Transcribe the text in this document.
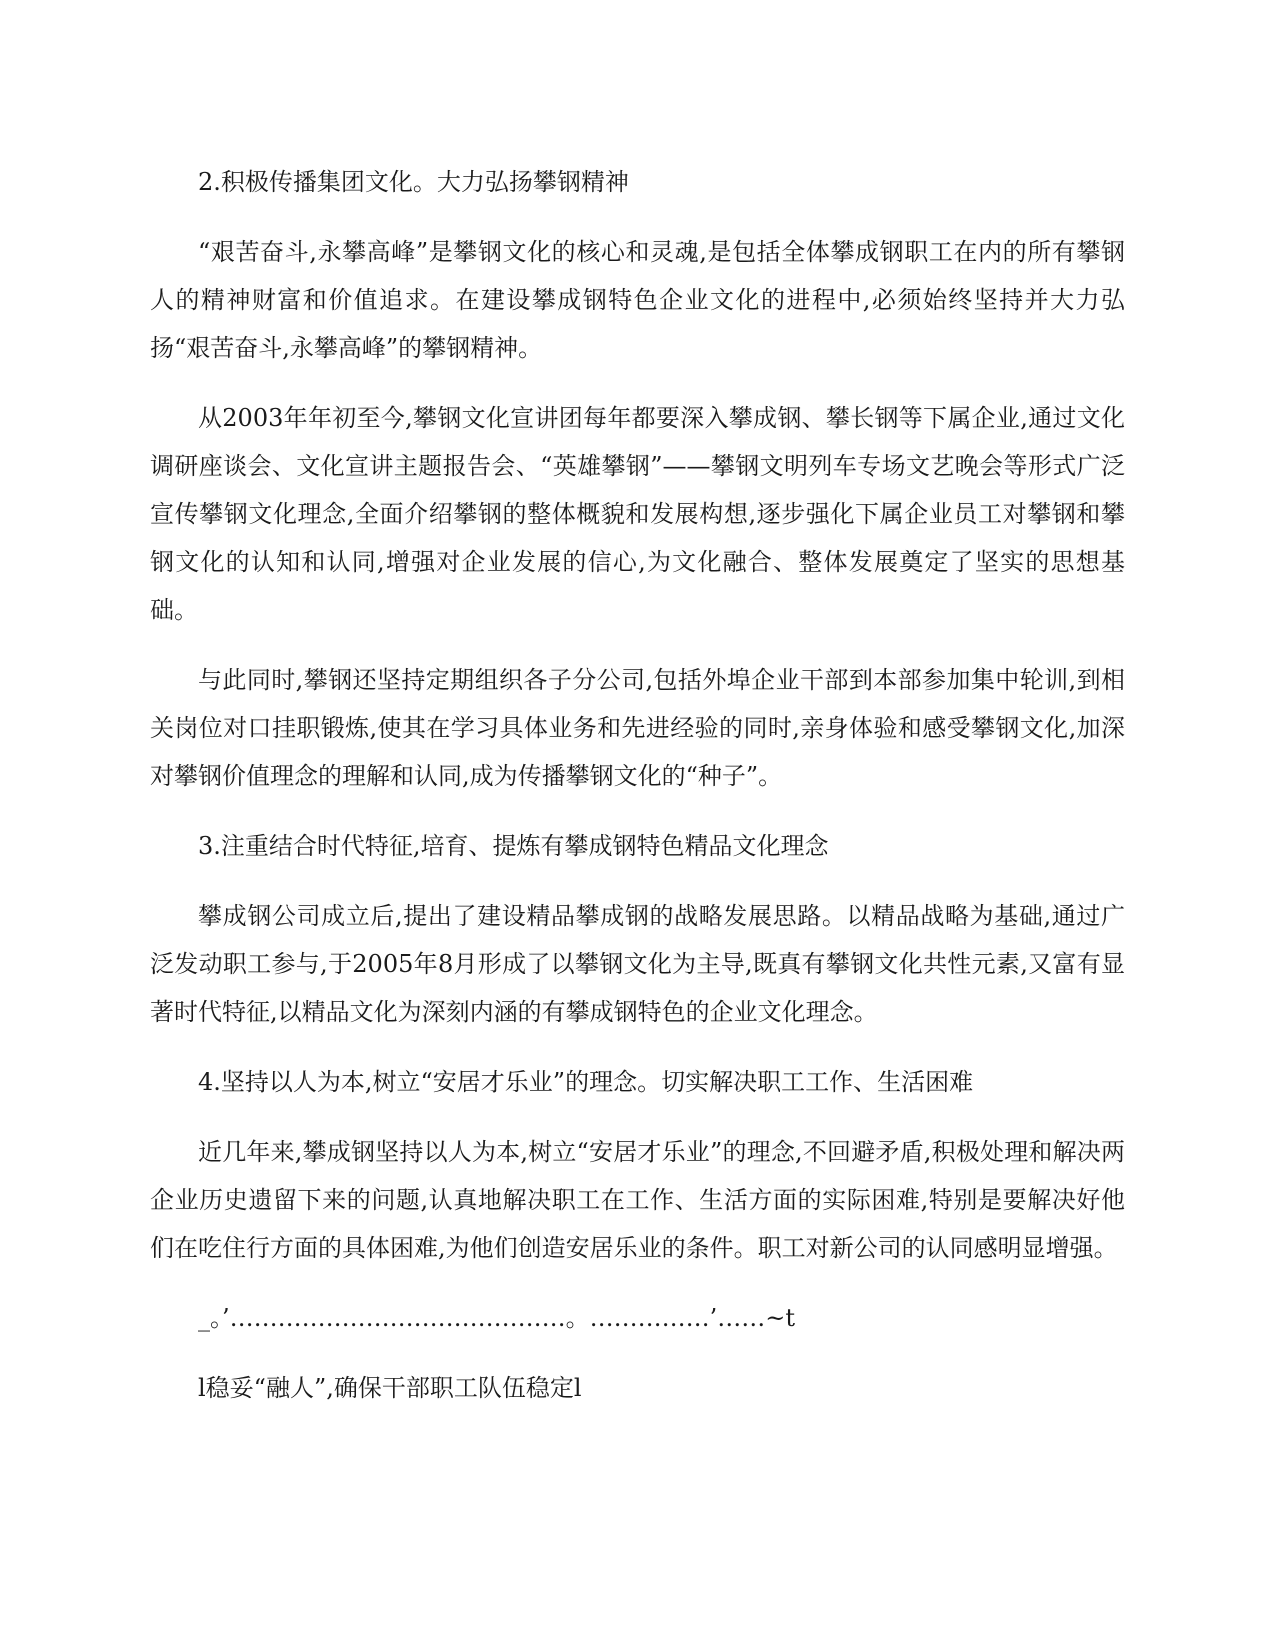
2.积极传播集团文化。大力弘扬攀钢精神

“艰苦奋斗,永攀高峰”是攀钢文化的核心和灵魂,是包括全体攀成钢职工在内的所有攀钢人的精神财富和价值追求。在建设攀成钢特色企业文化的进程中,必须始终坚持并大力弘扬“艰苦奋斗,永攀高峰”的攀钢精神。

从2003年年初至今,攀钢文化宣讲团每年都要深入攀成钢、攀长钢等下属企业,通过文化调研座谈会、文化宣讲主题报告会、“英雄攀钢”——攀钢文明列车专场文艺晚会等形式广泛宣传攀钢文化理念,全面介绍攀钢的整体概貌和发展构想,逐步强化下属企业员工对攀钢和攀钢文化的认知和认同,增强对企业发展的信心,为文化融合、整体发展奠定了坚实的思想基础。

与此同时,攀钢还坚持定期组织各子分公司,包括外埠企业干部到本部参加集中轮训,到相关岗位对口挂职锻炼,使其在学习具体业务和先进经验的同时,亲身体验和感受攀钢文化,加深对攀钢价值理念的理解和认同,成为传播攀钢文化的“种子”。

3.注重结合时代特征,培育、提炼有攀成钢特色精品文化理念

攀成钢公司成立后,提出了建设精品攀成钢的战略发展思路。以精品战略为基础,通过广泛发动职工参与,于2005年8月形成了以攀钢文化为主导,既真有攀钢文化共性元素,又富有显著时代特征,以精品文化为深刻内涵的有攀成钢特色的企业文化理念。

4.坚持以人为本,树立“安居才乐业”的理念。切实解决职工工作、生活困难

近几年来,攀成钢坚持以人为本,树立“安居才乐业”的理念,不回避矛盾,积极处理和解决两企业历史遗留下来的问题,认真地解决职工在工作、生活方面的实际困难,特别是要解决好他们在吃住行方面的具体困难,为他们创造安居乐业的条件。职工对新公司的认同感明显增强。

_。’……………………………………。……………’……~t

l稳妥“融人”,确保干部职工队伍稳定l
